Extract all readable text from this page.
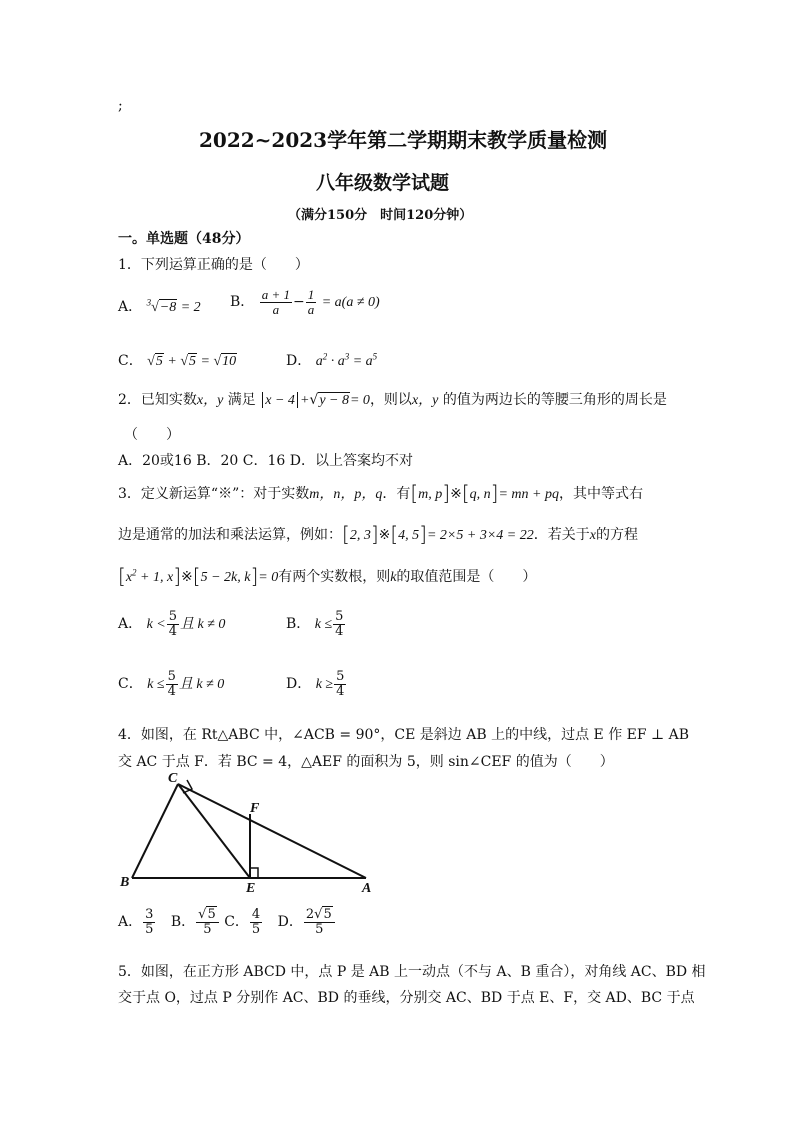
;
2022~2023学年第二学期期末教学质量检测
八年级数学试题
（满分150分　时间120分钟）
一。单选题（48分）
1．下列运算正确的是（　　）
A． $^3$√−8 = 2 B． $\frac{a + 1}{a} - \frac{1}{a} = a(a \ne 0)$
C． √5 + √5 = √10	D． $a^2 \cdot a^3 = a^5$
2．已知实数x，y 满足 x − 4 +√y − 8= 0，则以x，y 的值为两边长的等腰三角形的周长是
（　　）
A．20或16 B．20 C．16 D．以上答案均不对
3．定义新运算“※”：对于实数m，n，p，q．有[m, p]※[q, n]= mn + pq，其中等式右
边是通常的加法和乘法运算，例如：[2, 3]※[4, 5]= 2×5 + 3×4 = 22．若关于x的方程
[$x^2 + 1$, x]※[5 − 2k, k]= 0有两个实数根，则k的取值范围是（　　）
A． $k < \frac{5}{4}$ 且 k ≠ 0	B． $k \le \frac{5}{4}$
C． $k \le \frac{5}{4}$ 且 k ≠ 0	D． $k \ge \frac{5}{4}$
4．如图，在 Rt△ABC 中，∠ACB = 90°，CE 是斜边 AB 上的中线，过点 E 作 EF ⊥ AB
交 AC 于点 F．若 BC = 4，△AEF 的面积为 5，则 sin∠CEF 的值为（　　）
C
F
B	E	A
A． $\frac{3}{5}$ B． $\frac{√5}{5}$ C． $\frac{4}{5}$ D． $\frac{2√5}{5}$
5．如图，在正方形 ABCD 中，点 P 是 AB 上一动点（不与 A、B 重合），对角线 AC、BD 相
交于点 O，过点 P 分别作 AC、BD 的垂线，分别交 AC、BD 于点 E、F，交 AD、BC 于点
